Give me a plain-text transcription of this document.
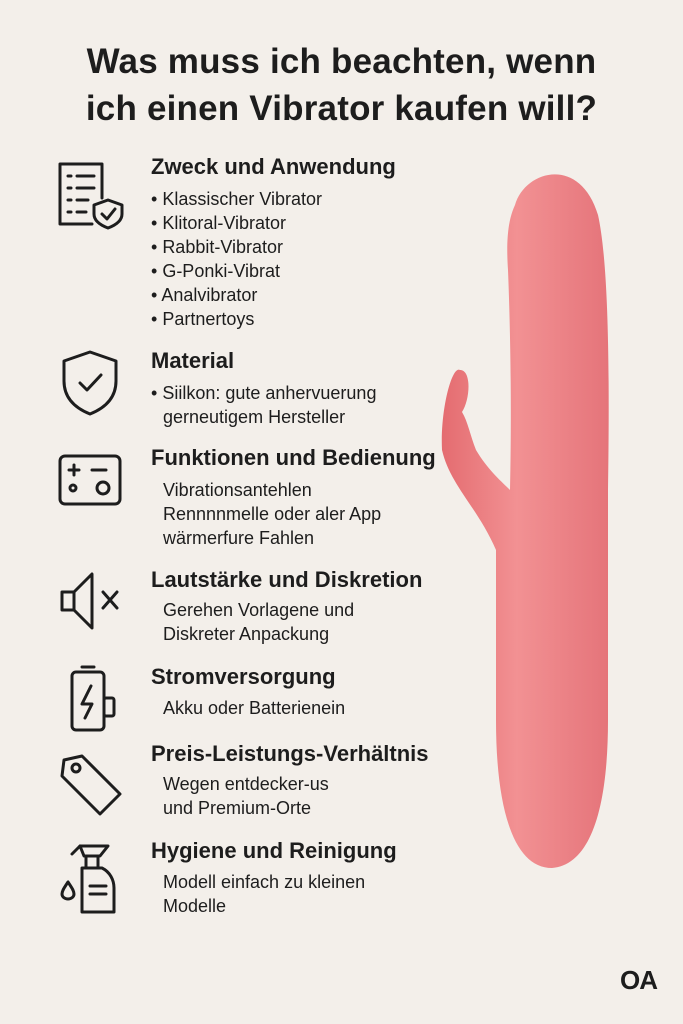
Was muss ich beachten, wenn
ich einen Vibrator kaufen will?
Zweck und Anwendung
• Klassischer Vibrator
• Klitoral-Vibrator
• Rabbit-Vibrator
• G-Ponki-Vibrat
• Analvibrator
• Partnertoys
Material
• Siilkon: gute anhervuerung
gerneutigem Hersteller
Funktionen und Bedienung
Vibrationsantehlen
Rennnnmelle oder aler App
wärmerfure Fahlen
Lautstärke und Diskretion
Gerehen Vorlagene und
Diskreter Anpackung
Stromversorgung
Akku oder Batterienein
Preis-Leistungs-Verhältnis
Wegen entdecker-us
und Premium-Orte
Hygiene und Reinigung
Modell einfach zu kleinen
Modelle
OA
